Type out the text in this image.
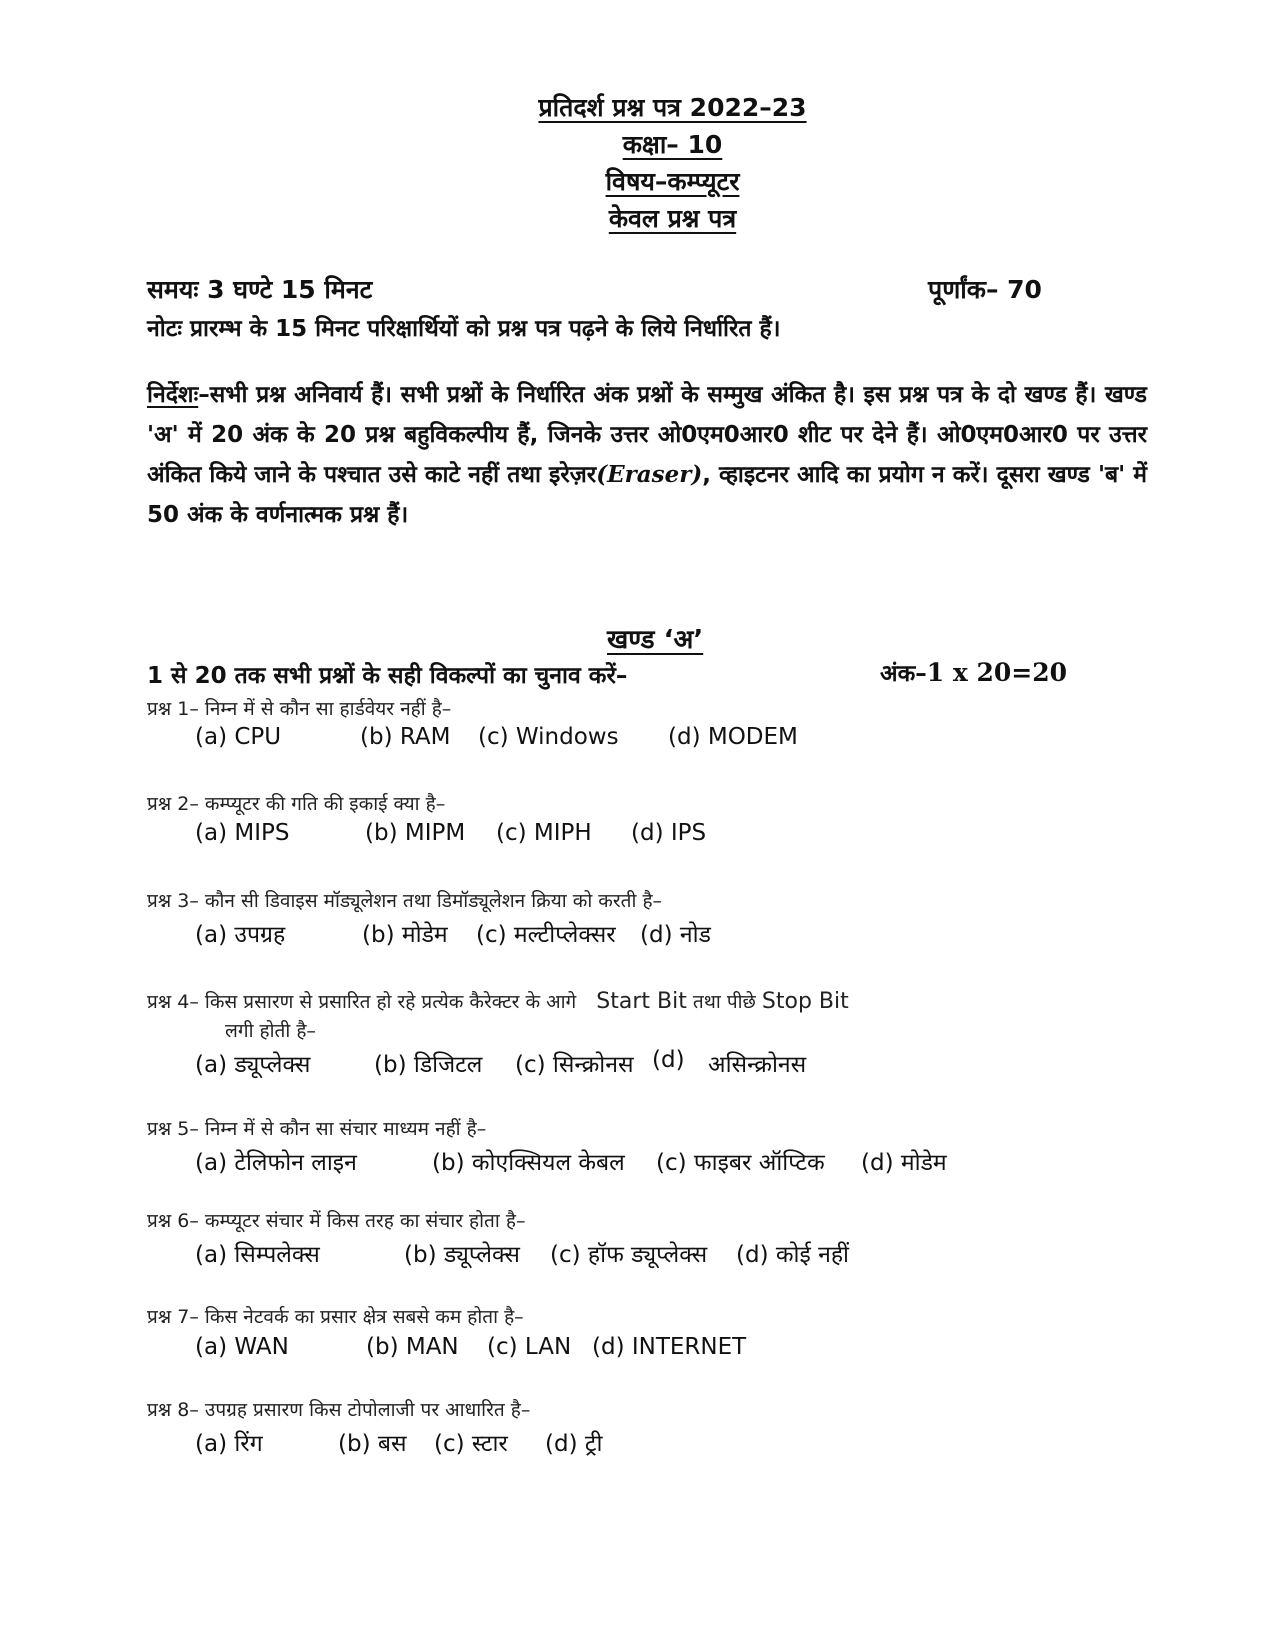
प्रतिदर्श प्रश्न पत्र 2022–23
कक्षा– 10
विषय–कम्प्यूटर
केवल प्रश्न पत्र
समयः 3 घण्टे 15 मिनट	पूर्णांक– 70
नोटः प्रारम्भ के 15 मिनट परिक्षार्थियों को प्रश्न पत्र पढ़ने के लिये निर्धारित हैं।
निर्देशः–सभी प्रश्न अनिवार्य हैं। सभी प्रश्नों के निर्धारित अंक प्रश्नों के सम्मुख अंकित है। इस प्रश्न पत्र के दो खण्ड हैं। खण्ड 'अ' में 20 अंक के 20 प्रश्न बहुविकल्पीय हैं, जिनके उत्तर ओ0एम0आर0 शीट पर देने हैं। ओ0एम0आर0 पर उत्तर अंकित किये जाने के पश्चात उसे काटे नहीं तथा इरेज़र(Eraser), व्हाइटनर आदि का प्रयोग न करें। दूसरा खण्ड 'ब' में 50 अंक के वर्णनात्मक प्रश्न हैं।
खण्ड ‘अ’
1 से 20 तक सभी प्रश्नों के सही विकल्पों का चुनाव करें–	अंक–1 x 20=20
प्रश्न 1– निम्न में से कौन सा हार्डवेयर नहीं है–
(a) CPU	(b) RAM (c) Windows (d) MODEM
प्रश्न 2– कम्प्यूटर की गति की इकाई क्या है–
(a) MIPS	(b) MIPM (c) MIPH (d) IPS
प्रश्न 3– कौन सी डिवाइस मॉड्यूलेशन तथा डिमॉड्यूलेशन क्रिया को करती है–
(a) उपग्रह	(b) मोडेम (c) मल्टीप्लेक्सर (d) नोड
प्रश्न 4– किस प्रसारण से प्रसारित हो रहे प्रत्येक कैरेक्टर के आगे Start Bit तथा पीछे Stop Bit
लगी होती है–
(a) ड्यूप्लेक्स	(b) डिजिटल (c) सिन्क्रोनस (d) असिन्क्रोनस
प्रश्न 5– निम्न में से कौन सा संचार माध्यम नहीं है–
(a) टेलिफोन लाइन	(b) कोएक्सियल केबल (c) फाइबर ऑप्टिक (d) मोडेम
प्रश्न 6– कम्प्यूटर संचार में किस तरह का संचार होता है–
(a) सिम्पलेक्स	(b) ड्यूप्लेक्स (c) हॉफ ड्यूप्लेक्स (d) कोई नहीं
प्रश्न 7– किस नेटवर्क का प्रसार क्षेत्र सबसे कम होता है–
(a) WAN	(b) MAN (c) LAN (d) INTERNET
प्रश्न 8– उपग्रह प्रसारण किस टोपोलाजी पर आधारित है–
(a) रिंग	(b) बस (c) स्टार (d) ट्री
